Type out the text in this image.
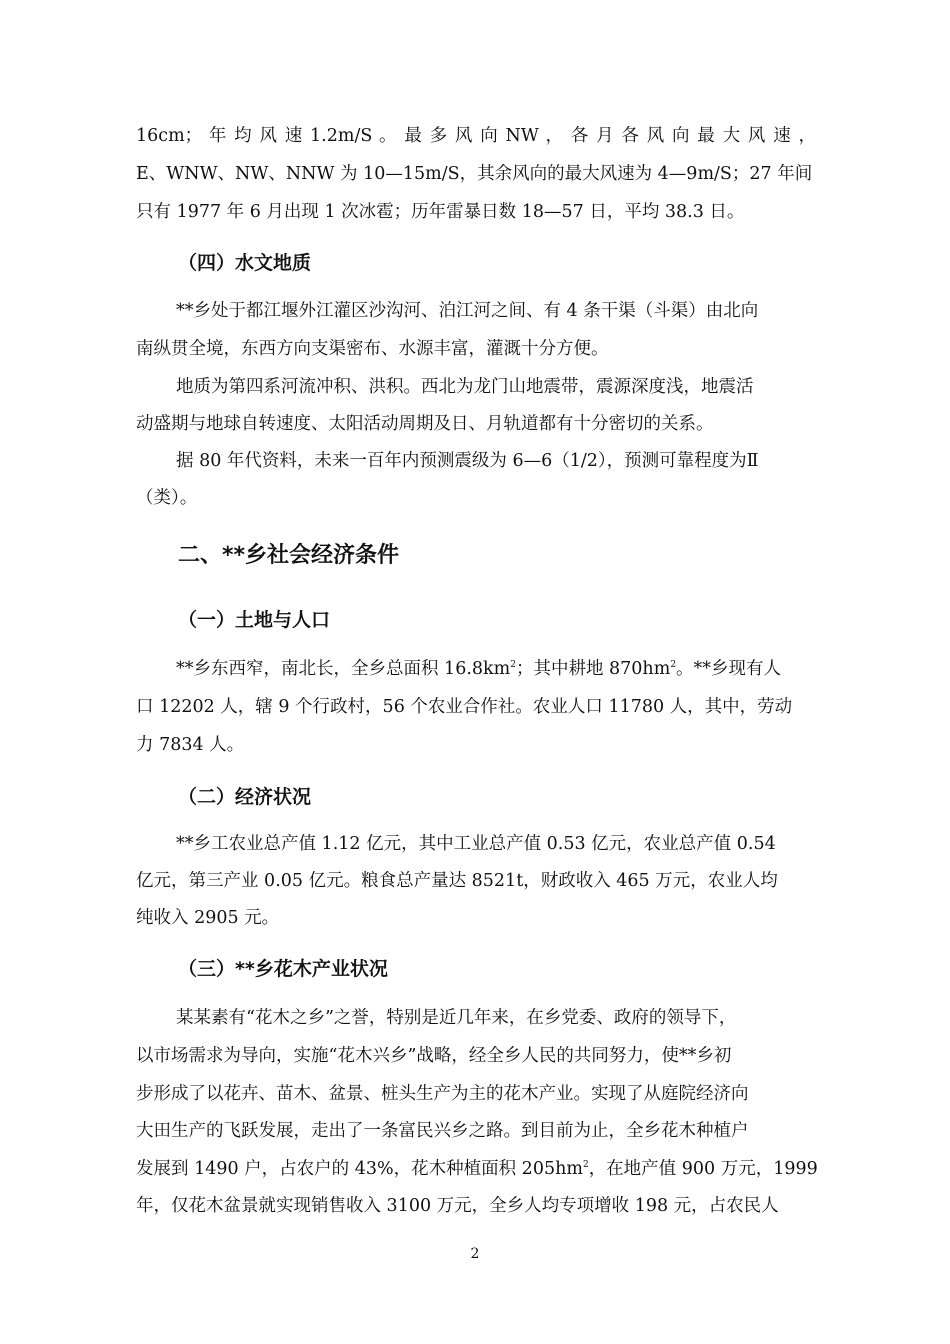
16cm； 年 均 风 速 1.2m/S 。 最 多 风 向 NW ， 各 月 各 风 向 最 大 风 速 ，
E、WNW、NW、NNW 为 10—15m/S，其余风向的最大风速为 4—9m/S；27 年间
只有 1977 年 6 月出现 1 次冰雹；历年雷暴日数 18—57 日，平均 38.3 日。
（四）水文地质
**乡处于都江堰外江灌区沙沟河、泊江河之间、有 4 条干渠（斗渠）由北向
南纵贯全境，东西方向支渠密布、水源丰富，灌溉十分方便。
地质为第四系河流冲积、洪积。西北为龙门山地震带，震源深度浅，地震活
动盛期与地球自转速度、太阳活动周期及日、月轨道都有十分密切的关系。
据 80 年代资料，未来一百年内预测震级为 6—6（1/2），预测可靠程度为Ⅱ
（类）。
二、**乡社会经济条件
（一）土地与人口
**乡东西窄，南北长，全乡总面积 $16.8km^2$；其中耕地 $870hm^2$。**乡现有人
口 12202 人，辖 9 个行政村，56 个农业合作社。农业人口 11780 人，其中，劳动
力 7834 人。
（二）经济状况
**乡工农业总产值 1.12 亿元，其中工业总产值 0.53 亿元，农业总产值 0.54
亿元，第三产业 0.05 亿元。粮食总产量达 8521t，财政收入 465 万元，农业人均
纯收入 2905 元。
（三）**乡花木产业状况
某某素有“花木之乡”之誉，特别是近几年来，在乡党委、政府的领导下，
以市场需求为导向，实施“花木兴乡”战略，经全乡人民的共同努力，使**乡初
步形成了以花卉、苗木、盆景、桩头生产为主的花木产业。实现了从庭院经济向
大田生产的飞跃发展，走出了一条富民兴乡之路。到目前为止，全乡花木种植户
发展到 1490 户，占农户的 43%，花木种植面积 $205hm^2$，在地产值 900 万元，1999
年，仅花木盆景就实现销售收入 3100 万元，全乡人均专项增收 198 元，占农民人
2
